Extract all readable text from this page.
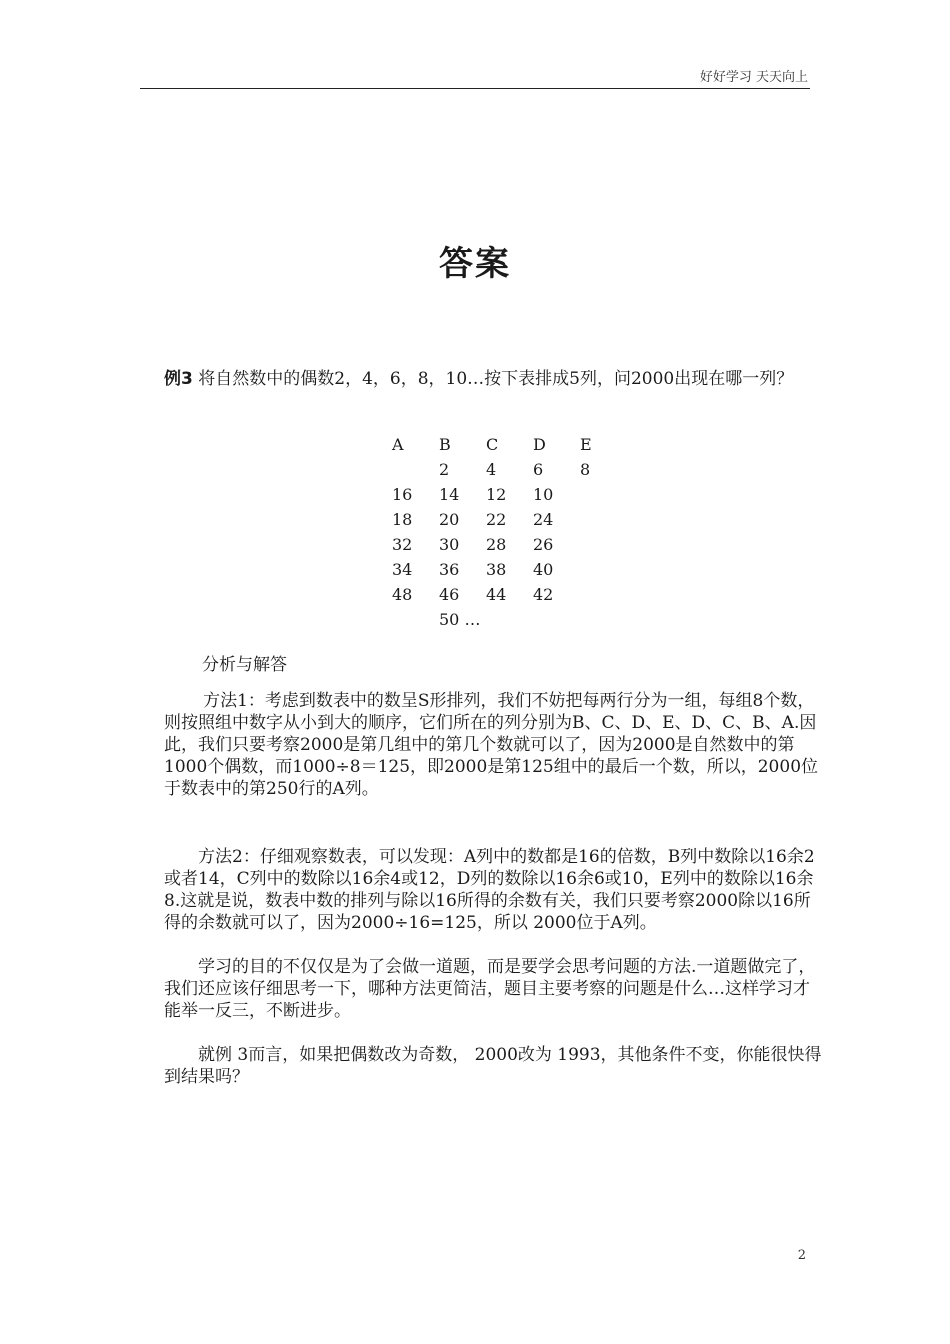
好好学习 天天向上
答案
例3 将自然数中的偶数2，4，6，8，10…按下表排成5列，问2000出现在哪一列？
A	B	C	D	E
	2	4	6	8
16	14	12	10	
18	20	22	24	
32	30	28	26	
34	36	38	40	
48	46	44	42	
	50 …			
分析与解答
方法1：考虑到数表中的数呈S形排列，我们不妨把每两行分为一组，每组8个数，则按照组中数字从小到大的顺序，它们所在的列分别为B、C、D、E、D、C、B、A.因此，我们只要考察2000是第几组中的第几个数就可以了，因为2000是自然数中的第1000个偶数，而1000÷8＝125，即2000是第125组中的最后一个数，所以，2000位于数表中的第250行的A列。
方法2：仔细观察数表，可以发现：A列中的数都是16的倍数，B列中数除以16余2或者14，C列中的数除以16余4或12，D列的数除以16余6或10，E列中的数除以16余8.这就是说，数表中数的排列与除以16所得的余数有关，我们只要考察2000除以16所得的余数就可以了，因为2000÷16=125，所以 2000位于A列。
学习的目的不仅仅是为了会做一道题，而是要学会思考问题的方法.一道题做完了，我们还应该仔细思考一下，哪种方法更简洁，题目主要考察的问题是什么…这样学习才能举一反三，不断进步。
就例 3而言，如果把偶数改为奇数， 2000改为 1993，其他条件不变，你能很快得到结果吗？
2
